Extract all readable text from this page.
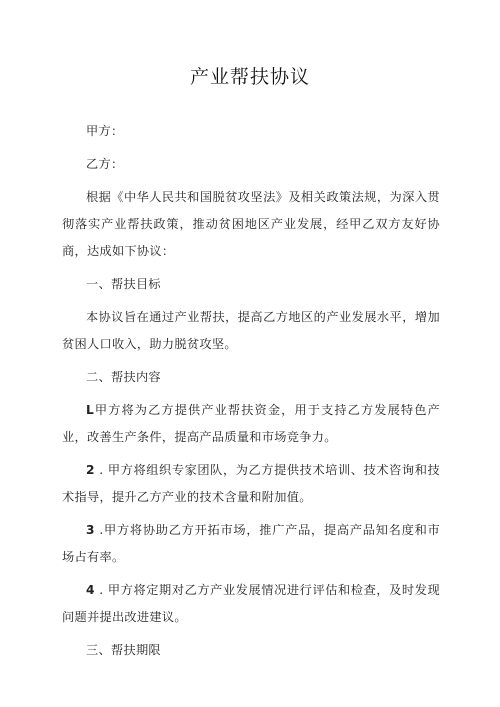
产业帮扶协议

甲方：

乙方：

根据《中华人民共和国脱贫攻坚法》及相关政策法规，为深入贯彻落实产业帮扶政策，推动贫困地区产业发展，经甲乙双方友好协商，达成如下协议：

一、帮扶目标

本协议旨在通过产业帮扶，提高乙方地区的产业发展水平，增加贫困人口收入，助力脱贫攻坚。

二、帮扶内容

L甲方将为乙方提供产业帮扶资金，用于支持乙方发展特色产业，改善生产条件，提高产品质量和市场竞争力。

2 . 甲方将组织专家团队，为乙方提供技术培训、技术咨询和技术指导，提升乙方产业的技术含量和附加值。

3 .甲方将协助乙方开拓市场，推广产品，提高产品知名度和市场占有率。

4 . 甲方将定期对乙方产业发展情况进行评估和检查，及时发现问题并提出改进建议。

三、帮扶期限
